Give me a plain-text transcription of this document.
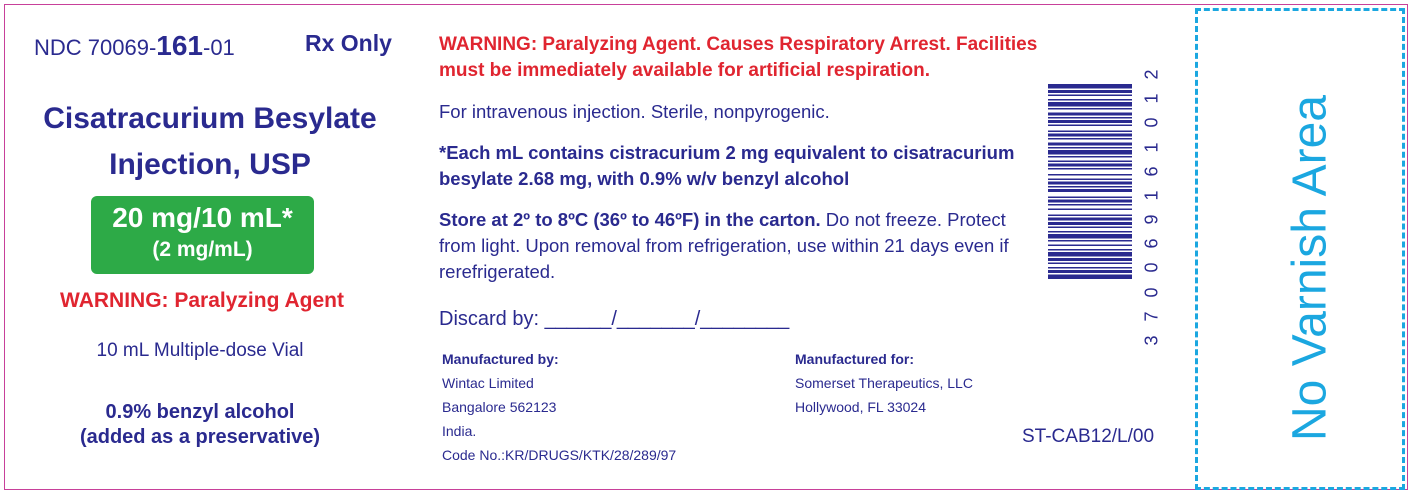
No Varnish Area
NDC 70069-161-01	Rx Only
Cisatracurium Besylate
Injection, USP
20 mg/10 mL*
(2 mg/mL)
WARNING: Paralyzing Agent
10 mL Multiple-dose Vial
0.9% benzyl alcohol
(added as a preservative)
WARNING: Paralyzing Agent. Causes Respiratory Arrest. Facilities
must be immediately available for artificial respiration.
For intravenous injection. Sterile, nonpyrogenic.
*Each mL contains cistracurium 2 mg equivalent to cisatracurium besylate 2.68 mg, with 0.9% w/v benzyl alcohol
Store at 2º to 8ºC (36º to 46ºF) in the carton. Do not freeze. Protect from light. Upon removal from refrigeration, use within 21 days even if rerefrigerated.
Discard by: ______/_______/________
Manufactured by:
Wintac Limited
Bangalore 562123
India.
Code No.:KR/DRUGS/KTK/28/289/97
Manufactured for:
Somerset Therapeutics, LLC
Hollywood, FL 33024
ST-CAB12/L/00
3
7
0
0
6
9
1
6
1
0
1
2
